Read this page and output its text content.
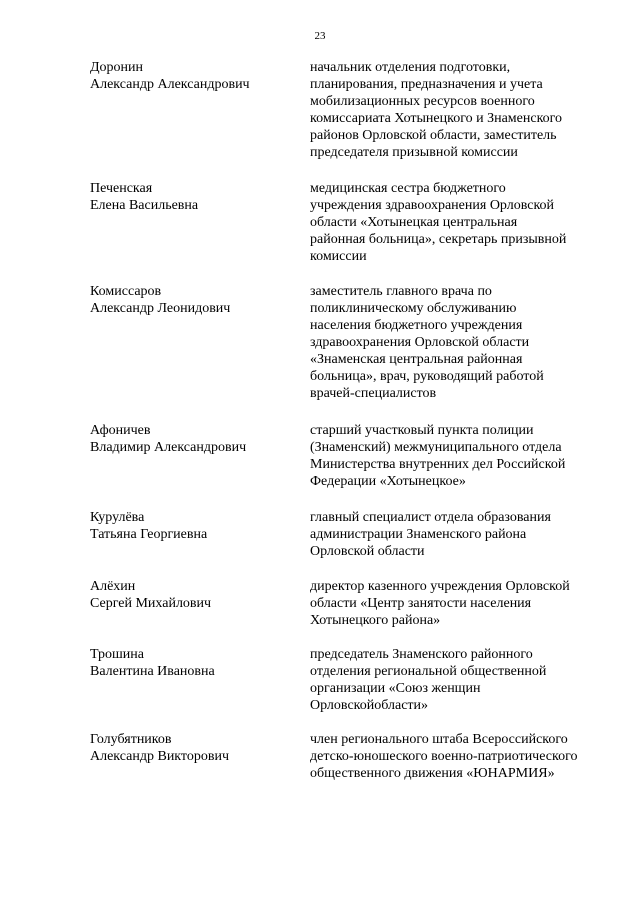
23
Доронин
Александр Александрович
начальник отделения подготовки,
планирования, предназначения и учета
мобилизационных ресурсов военного
комиссариата Хотынецкого и Знаменского
районов Орловской области, заместитель
председателя призывной комиссии
Печенская
Елена Васильевна
медицинская сестра бюджетного
учреждения здравоохранения Орловской
области «Хотынецкая центральная
районная больница», секретарь призывной
комиссии
Комиссаров
Александр Леонидович
заместитель главного врача по
поликлиническому обслуживанию
населения бюджетного учреждения
здравоохранения Орловской области
«Знаменская центральная районная
больница», врач, руководящий работой
врачей-специалистов
Афоничев
Владимир Александрович
старший участковый пункта полиции
(Знаменский) межмуниципального отдела
Министерства внутренних дел Российской
Федерации «Хотынецкое»
Курулёва
Татьяна Георгиевна
главный специалист отдела образования
администрации Знаменского района
Орловской области
Алёхин
Сергей Михайлович
директор казенного учреждения Орловской
области «Центр занятости населения
Хотынецкого района»
Трошина
Валентина Ивановна
председатель Знаменского районного
отделения региональной общественной
организации «Союз женщин
Орловскойобласти»
Голубятников
Александр Викторович
член регионального штаба Всероссийского
детско-юношеского военно-патриотического
общественного движения «ЮНАРМИЯ»
